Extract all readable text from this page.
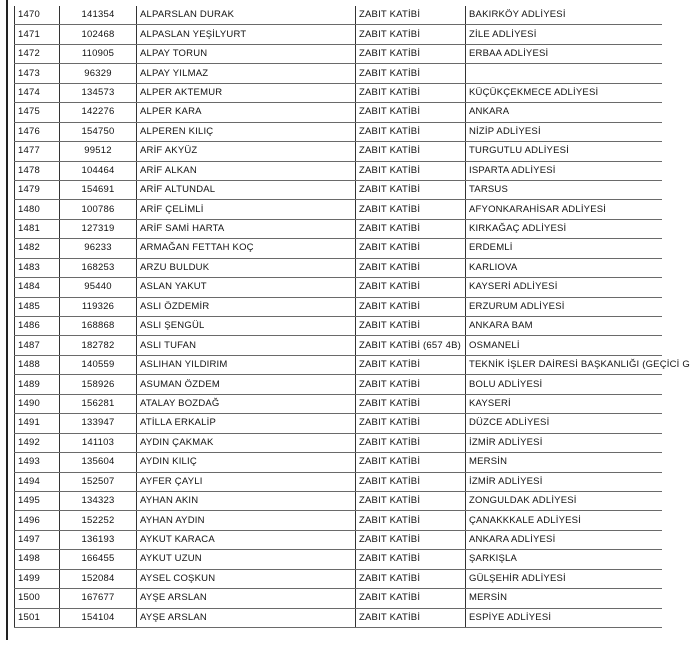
1470	141354	ALPARSLAN DURAK	ZABIT KATİBİ	BAKIRKÖY ADLİYESİ
1471	102468	ALPASLAN YEŞİLYURT	ZABIT KATİBİ	ZİLE ADLİYESİ
1472	110905	ALPAY TORUN	ZABIT KATİBİ	ERBAA ADLİYESİ
1473	96329	ALPAY YILMAZ	ZABIT KATİBİ	
1474	134573	ALPER AKTEMUR	ZABIT KATİBİ	KÜÇÜKÇEKMECE ADLİYESİ
1475	142276	ALPER KARA	ZABIT KATİBİ	ANKARA
1476	154750	ALPEREN KILIÇ	ZABIT KATİBİ	NİZİP ADLİYESİ
1477	99512	ARİF AKYÜZ	ZABIT KATİBİ	TURGUTLU ADLİYESİ
1478	104464	ARİF ALKAN	ZABIT KATİBİ	ISPARTA ADLİYESİ
1479	154691	ARİF ALTUNDAL	ZABIT KATİBİ	TARSUS
1480	100786	ARİF ÇELİMLİ	ZABIT KATİBİ	AFYONKARAHİSAR ADLİYESİ
1481	127319	ARİF SAMİ HARTA	ZABIT KATİBİ	KIRKAĞAÇ ADLİYESİ
1482	96233	ARMAĞAN FETTAH KOÇ	ZABIT KATİBİ	ERDEMLİ
1483	168253	ARZU BULDUK	ZABIT KATİBİ	KARLIOVA
1484	95440	ASLAN YAKUT	ZABIT KATİBİ	KAYSERİ ADLİYESİ
1485	119326	ASLI ÖZDEMİR	ZABIT KATİBİ	ERZURUM ADLİYESİ
1486	168868	ASLI ŞENGÜL	ZABIT KATİBİ	ANKARA BAM
1487	182782	ASLI TUFAN	ZABIT KATİBİ (657 4B)	OSMANELİ
1488	140559	ASLIHAN YILDIRIM	ZABIT KATİBİ	TEKNİK İŞLER DAİRESİ BAŞKANLIĞI (GEÇİCİ G
1489	158926	ASUMAN ÖZDEM	ZABIT KATİBİ	BOLU ADLİYESİ
1490	156281	ATALAY BOZDAĞ	ZABIT KATİBİ	KAYSERİ
1491	133947	ATİLLA ERKALİP	ZABIT KATİBİ	DÜZCE ADLİYESİ
1492	141103	AYDIN ÇAKMAK	ZABIT KATİBİ	İZMİR ADLİYESİ
1493	135604	AYDIN KILIÇ	ZABIT KATİBİ	MERSİN
1494	152507	AYFER ÇAYLI	ZABIT KATİBİ	İZMİR ADLİYESİ
1495	134323	AYHAN AKIN	ZABIT KATİBİ	ZONGULDAK ADLİYESİ
1496	152252	AYHAN AYDIN	ZABIT KATİBİ	ÇANAKKKALE ADLİYESİ
1497	136193	AYKUT KARACA	ZABIT KATİBİ	ANKARA ADLİYESİ
1498	166455	AYKUT UZUN	ZABIT KATİBİ	ŞARKIŞLA
1499	152084	AYSEL COŞKUN	ZABIT KATİBİ	GÜLŞEHİR ADLİYESİ
1500	167677	AYŞE ARSLAN	ZABIT KATİBİ	MERSİN
1501	154104	AYŞE ARSLAN	ZABIT KATİBİ	ESPİYE ADLİYESİ
